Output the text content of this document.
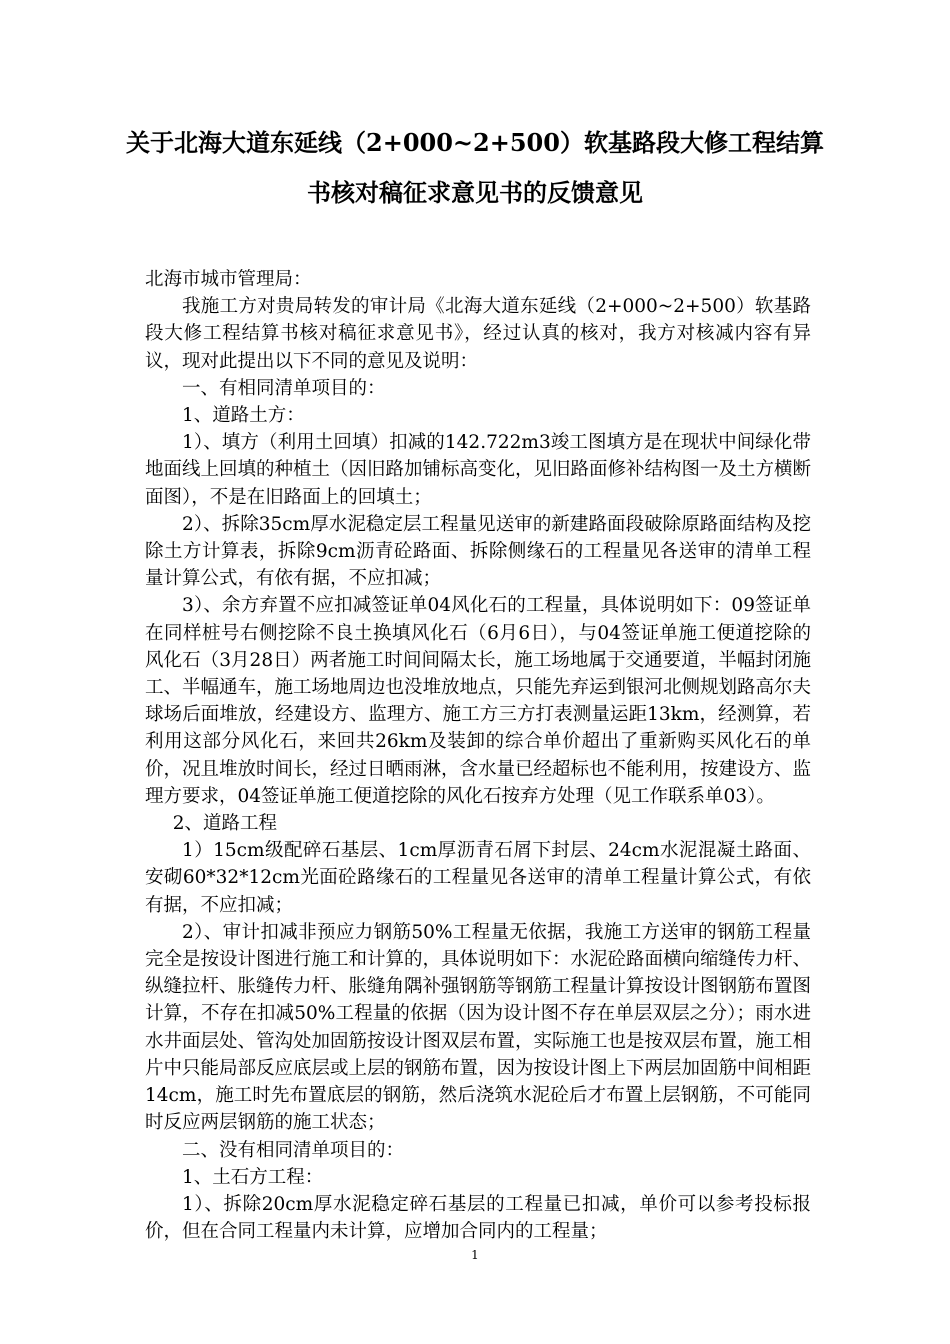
关于北海大道东延线（2+000~2+500）软基路段大修工程结算
书核对稿征求意见书的反馈意见

北海市城市管理局：

我施工方对贵局转发的审计局《北海大道东延线（2+000~2+500）软基路段大修工程结算书核对稿征求意见书》，经过认真的核对，我方对核减内容有异议，现对此提出以下不同的意见及说明：

一、有相同清单项目的：

1、道路土方：

1）、填方（利用土回填）扣减的142.722m3竣工图填方是在现状中间绿化带地面线上回填的种植土（因旧路加铺标高变化，见旧路面修补结构图一及土方横断面图），不是在旧路面上的回填土；

2）、拆除35cm厚水泥稳定层工程量见送审的新建路面段破除原路面结构及挖除土方计算表，拆除9cm沥青砼路面、拆除侧缘石的工程量见各送审的清单工程量计算公式，有依有据，不应扣减；

3）、余方弃置不应扣减签证单04风化石的工程量，具体说明如下：09签证单在同样桩号右侧挖除不良土换填风化石（6月6日），与04签证单施工便道挖除的风化石（3月28日）两者施工时间间隔太长，施工场地属于交通要道，半幅封闭施工、半幅通车，施工场地周边也没堆放地点，只能先弃运到银河北侧规划路高尔夫球场后面堆放，经建设方、监理方、施工方三方打表测量运距13km，经测算，若利用这部分风化石，来回共26km及装卸的综合单价超出了重新购买风化石的单价，况且堆放时间长，经过日晒雨淋，含水量已经超标也不能利用，按建设方、监理方要求，04签证单施工便道挖除的风化石按弃方处理（见工作联系单03）。

2、道路工程

1）15cm级配碎石基层、1cm厚沥青石屑下封层、24cm水泥混凝土路面、安砌60*32*12cm光面砼路缘石的工程量见各送审的清单工程量计算公式，有依有据，不应扣减；

2）、审计扣减非预应力钢筋50%工程量无依据，我施工方送审的钢筋工程量完全是按设计图进行施工和计算的，具体说明如下：水泥砼路面横向缩缝传力杆、纵缝拉杆、胀缝传力杆、胀缝角隅补强钢筋等钢筋工程量计算按设计图钢筋布置图计算，不存在扣减50%工程量的依据（因为设计图不存在单层双层之分）；雨水进水井面层处、管沟处加固筋按设计图双层布置，实际施工也是按双层布置，施工相片中只能局部反应底层或上层的钢筋布置，因为按设计图上下两层加固筋中间相距14cm，施工时先布置底层的钢筋，然后浇筑水泥砼后才布置上层钢筋，不可能同时反应两层钢筋的施工状态；

二、没有相同清单项目的：

1、土石方工程：

1）、拆除20cm厚水泥稳定碎石基层的工程量已扣减，单价可以参考投标报价，但在合同工程量内未计算，应增加合同内的工程量；

1
